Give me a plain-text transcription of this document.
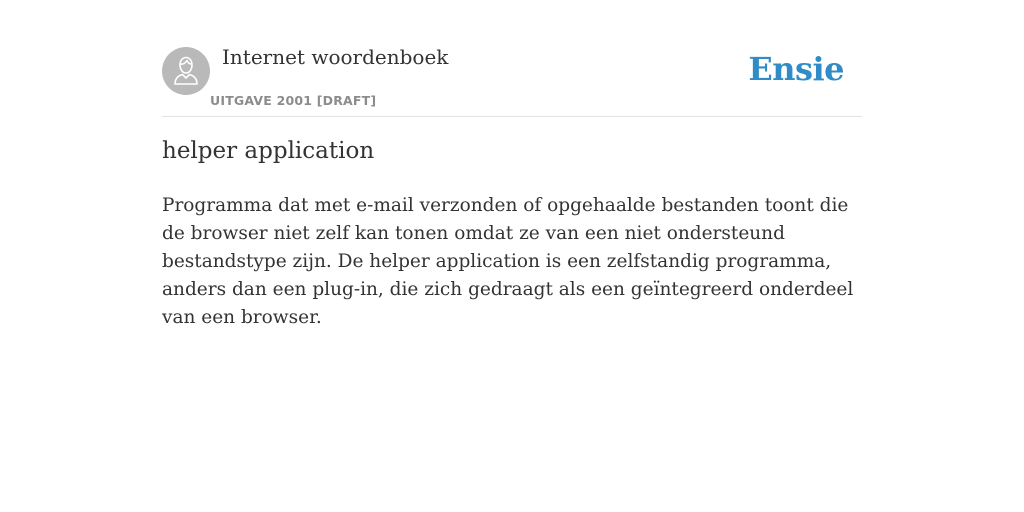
Internet woordenboek
UITGAVE 2001 [DRAFT]
Ensie
helper application

Programma dat met e-mail verzonden of opgehaalde bestanden toont die de browser niet zelf kan tonen omdat ze van een niet ondersteund bestandstype zijn. De helper application is een zelfstandig programma, anders dan een plug-in, die zich gedraagt als een geïntegreerd onderdeel van een browser.
